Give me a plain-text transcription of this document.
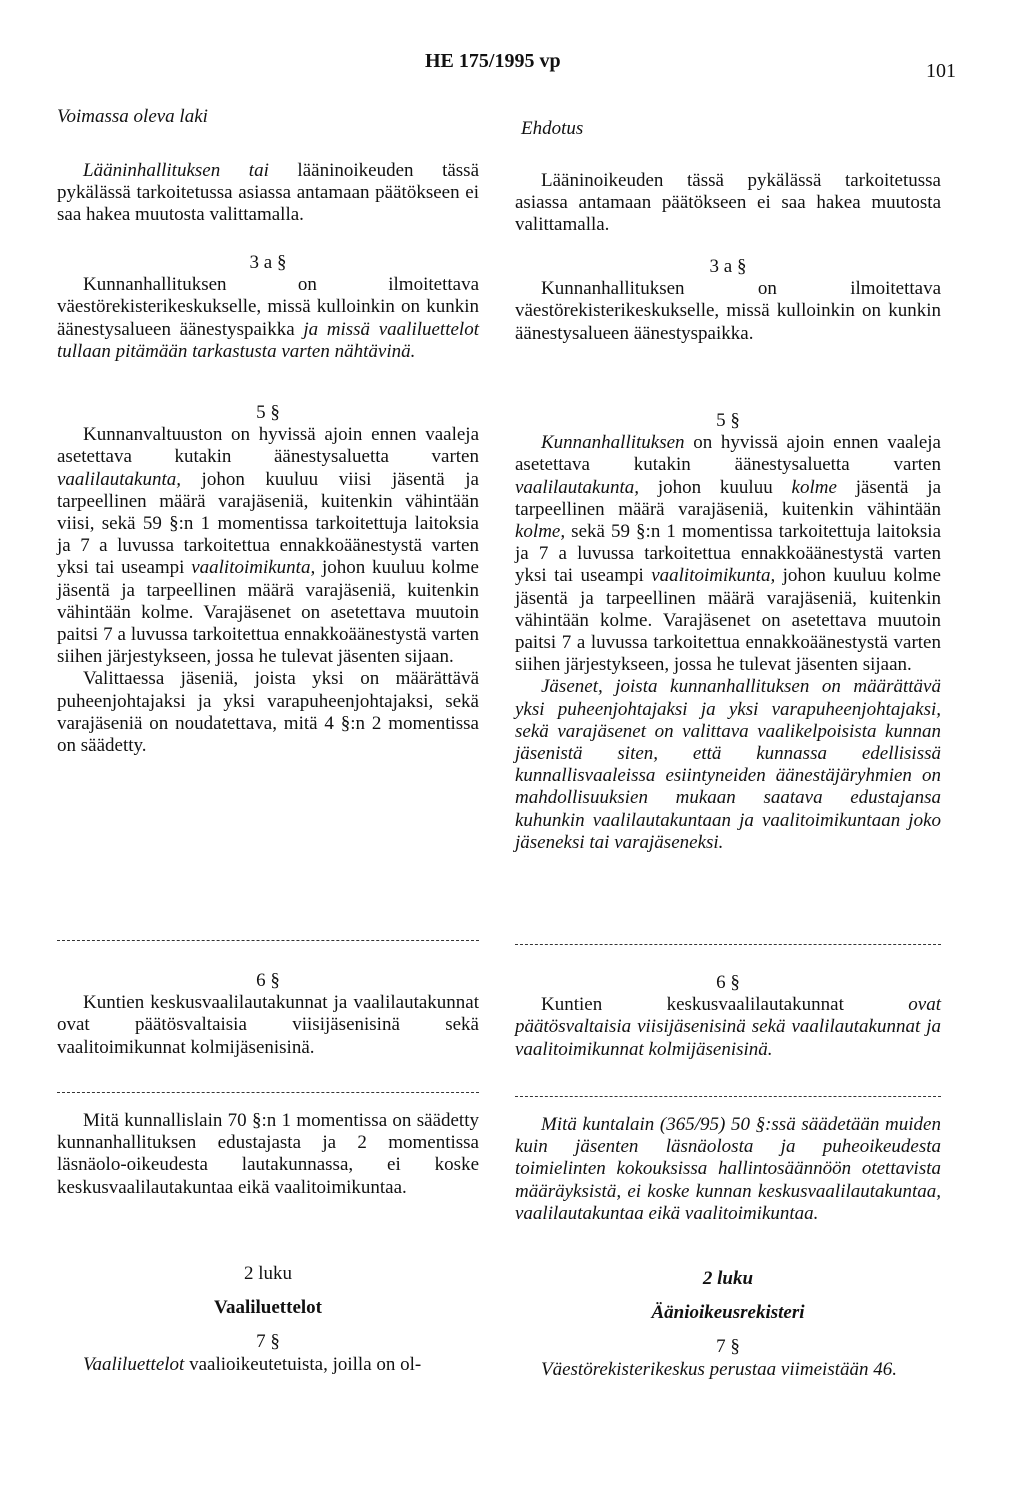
HE 175/1995 vp	101
Voimassa oleva laki

Lääninhallituksen tai lääninoikeuden tässä pykälässä tarkoitetussa asiassa antamaan päätökseen ei saa hakea muutosta valittamalla.

3 a §

Kunnanhallituksen on ilmoitettava väestörekisterikeskukselle, missä kulloinkin on kunkin äänestysalueen äänestyspaikka ja missä vaaliluettelot tullaan pitämään tarkastusta varten nähtävinä.

5 §

Kunnanvaltuuston on hyvissä ajoin ennen vaaleja asetettava kutakin äänestysaluetta varten vaalilautakunta, johon kuuluu viisi jäsentä ja tarpeellinen määrä varajäseniä, kuitenkin vähintään viisi, sekä 59 §:n 1 momentissa tarkoitettuja laitoksia ja 7 a luvussa tarkoitettua ennakkoäänestystä varten yksi tai useampi vaalitoimikunta, johon kuuluu kolme jäsentä ja tarpeellinen määrä varajäseniä, kuitenkin vähintään kolme. Varajäsenet on asetettava muutoin paitsi 7 a luvussa tarkoitettua ennakkoäänestystä varten siihen järjestykseen, jossa he tulevat jäsenten sijaan.

Valittaessa jäseniä, joista yksi on määrättävä puheenjohtajaksi ja yksi varapuheenjohtajaksi, sekä varajäseniä on noudatettava, mitä 4 §:n 2 momentissa on säädetty.

6 §

Kuntien keskusvaalilautakunnat ja vaalilautakunnat ovat päätösvaltaisia viisijäsenisinä sekä vaalitoimikunnat kolmijäsenisinä.

Mitä kunnallislain 70 §:n 1 momentissa on säädetty kunnanhallituksen edustajasta ja 2 momentissa läsnäolo-oikeudesta lautakunnassa, ei koske keskusvaalilautakuntaa eikä vaalitoimikuntaa.

2 luku

Vaaliluettelot

7 §

Vaaliluettelot vaalioikeutetuista, joilla on ol-

Ehdotus

Lääninoikeuden tässä pykälässä tarkoitetussa asiassa antamaan päätökseen ei saa hakea muutosta valittamalla.

3 a §

Kunnanhallituksen on ilmoitettava väestörekisterikeskukselle, missä kulloinkin on kunkin äänestysalueen äänestyspaikka.

5 §

Kunnanhallituksen on hyvissä ajoin ennen vaaleja asetettava kutakin äänestysaluetta varten vaalilautakunta, johon kuuluu kolme jäsentä ja tarpeellinen määrä varajäseniä, kuitenkin vähintään kolme, sekä 59 §:n 1 momentissa tarkoitettuja laitoksia ja 7 a luvussa tarkoitettua ennakkoäänestystä varten yksi tai useampi vaalitoimikunta, johon kuuluu kolme jäsentä ja tarpeellinen määrä varajäseniä, kuitenkin vähintään kolme. Varajäsenet on asetettava muutoin paitsi 7 a luvussa tarkoitettua ennakkoäänestystä varten siihen järjestykseen, jossa he tulevat jäsenten sijaan.

Jäsenet, joista kunnanhallituksen on määrättävä yksi puheenjohtajaksi ja yksi varapuheenjohtajaksi, sekä varajäsenet on valittava vaalikelpoisista kunnan jäsenistä siten, että kunnassa edellisissä kunnallisvaaleissa esiintyneiden äänestäjäryhmien on mahdollisuuksien mukaan saatava edustajansa kuhunkin vaalilautakuntaan ja vaalitoimikuntaan joko jäseneksi tai varajäseneksi.

6 §

Kuntien keskusvaalilautakunnat ovat päätösvaltaisia viisijäsenisinä sekä vaalilautakunnat ja vaalitoimikunnat kolmijäsenisinä.

Mitä kuntalain (365/95) 50 §:ssä säädetään muiden kuin jäsenten läsnäolosta ja puheoikeudesta toimielinten kokouksissa hallintosäännöön otettavista määräyksistä, ei koske kunnan keskusvaalilautakuntaa, vaalilautakuntaa eikä vaalitoimikuntaa.

2 luku

Äänioikeusrekisteri

7 §

Väestörekisterikeskus perustaa viimeistään 46.
